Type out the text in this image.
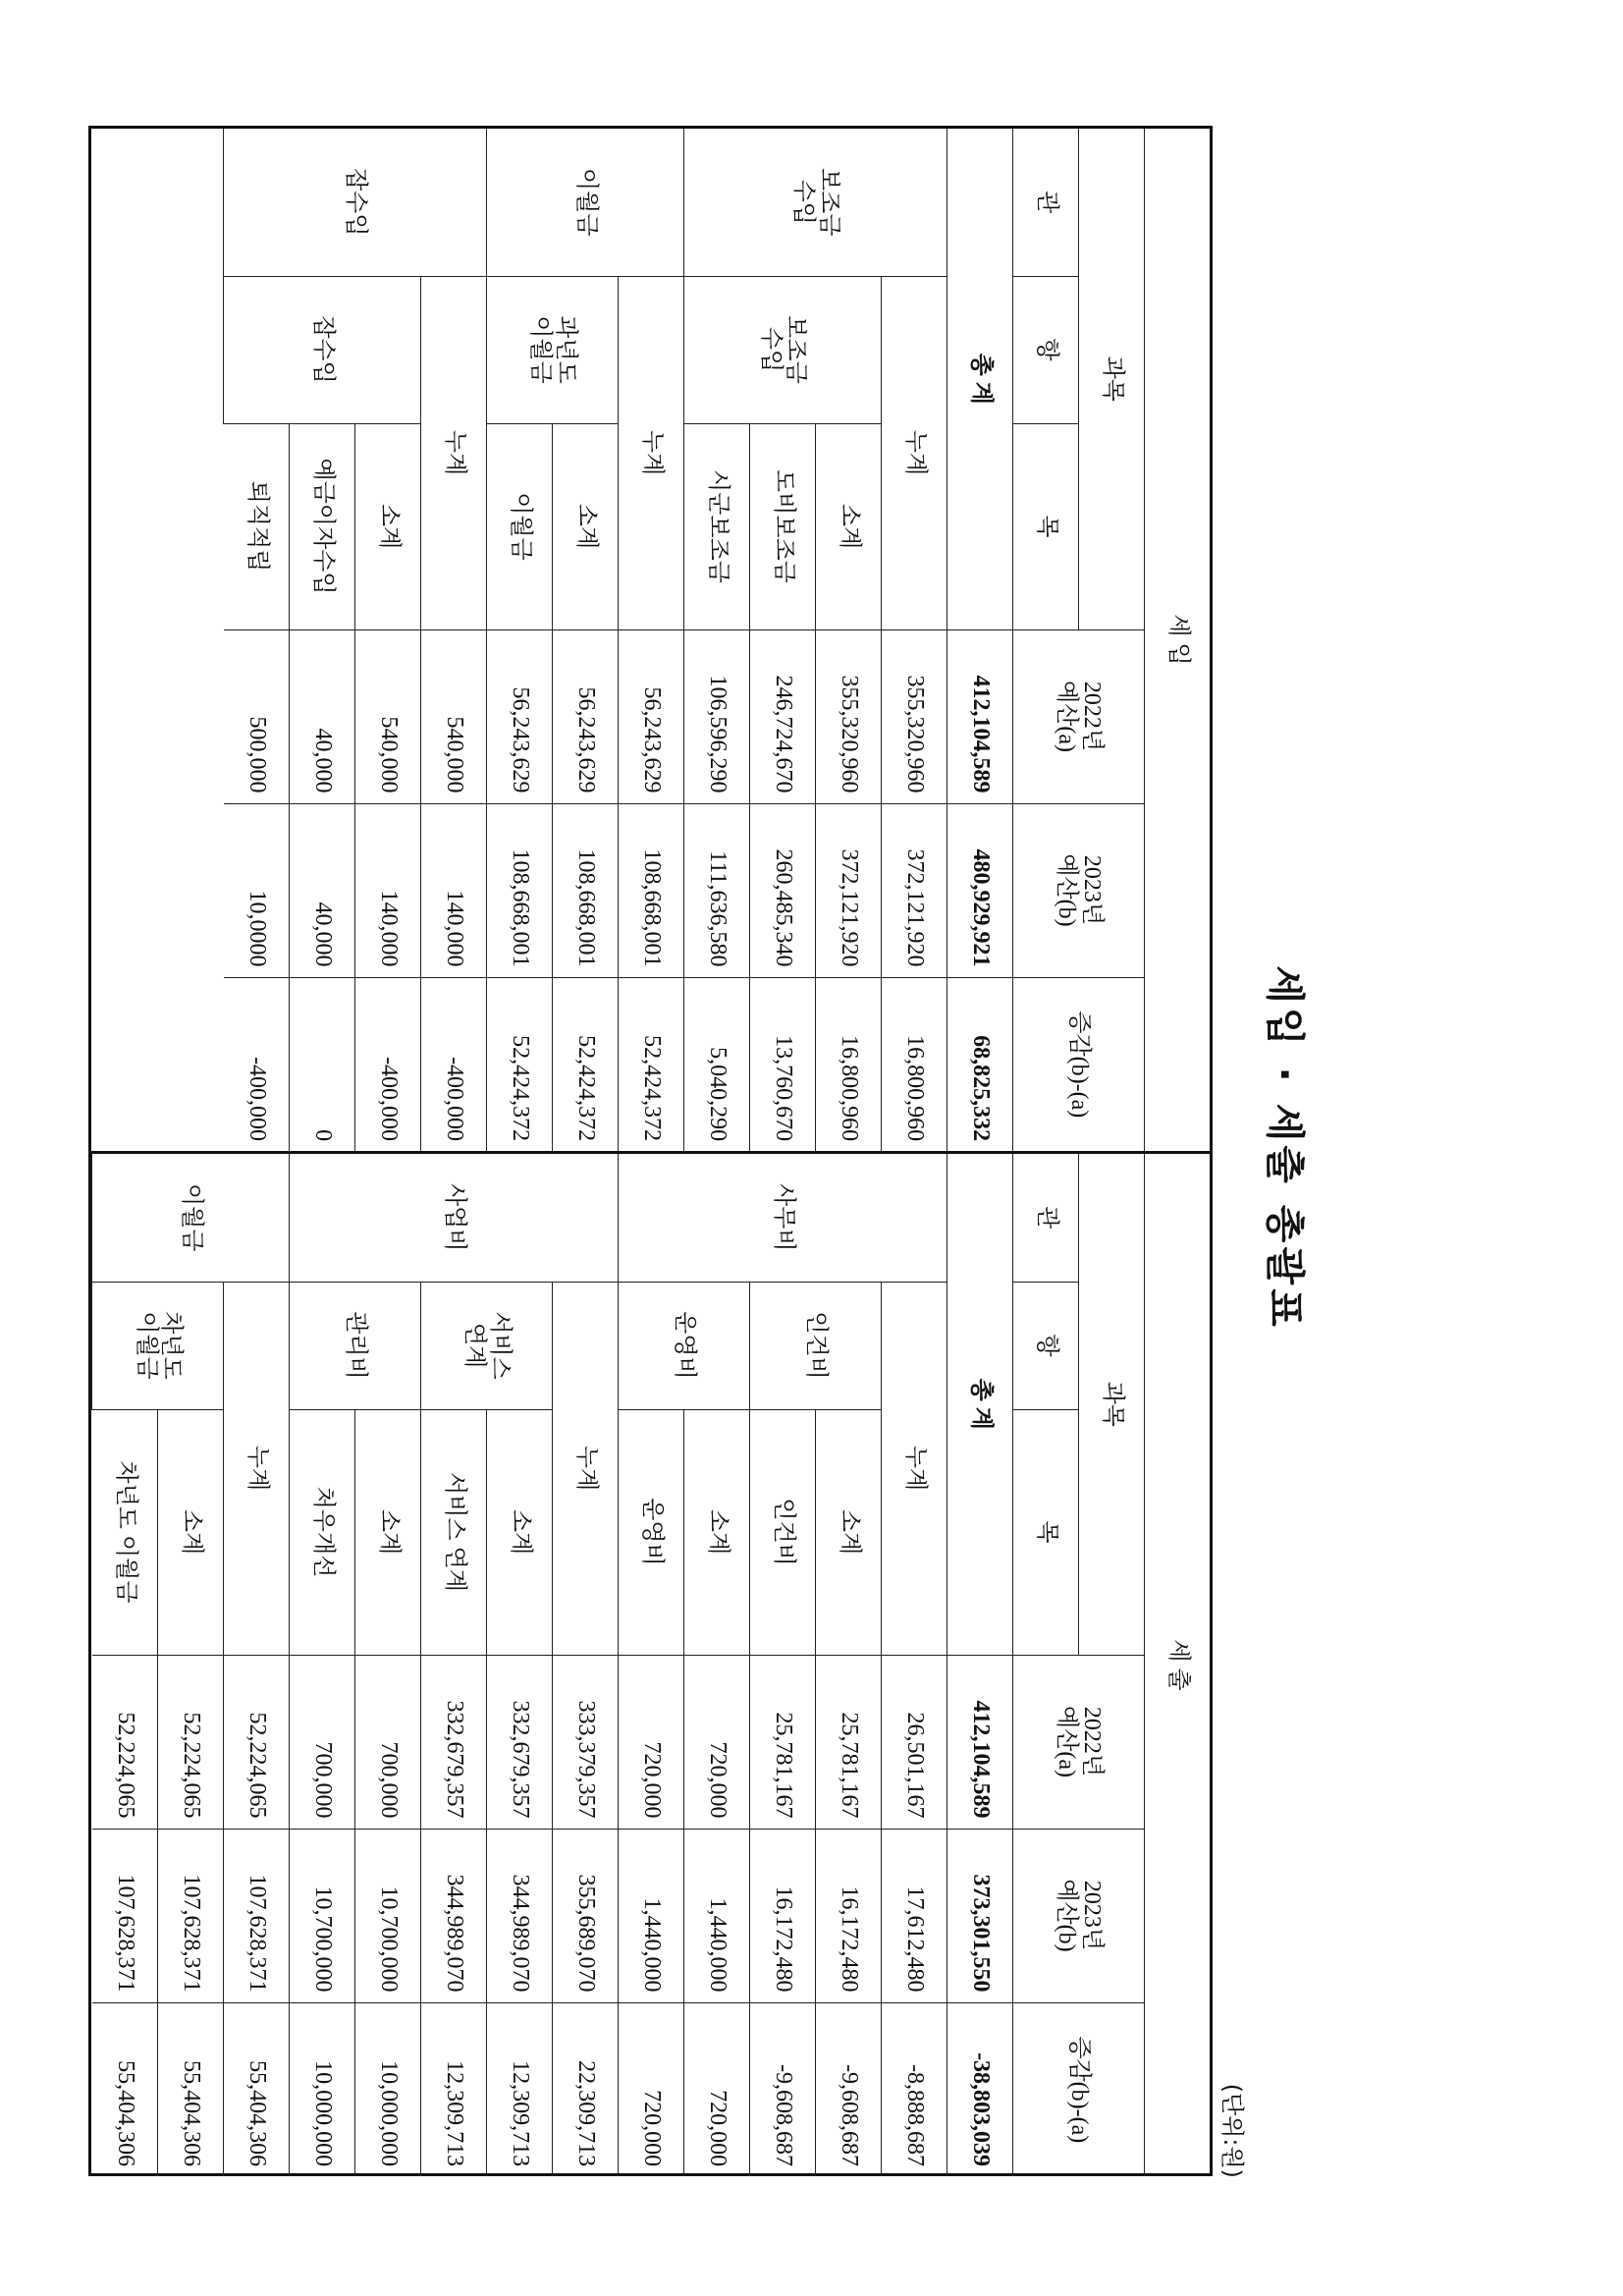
세입 · 세출 총괄표
(단위:원)
세 입					
과목			2022년
예산(a)	2023년
예산(b)	증감(b)-(a)
관	항	목			
총 계			412,104,589	480,929,921	68,825,332
보조금
수입	누계		355,320,960	372,121,920	16,800,960
	보조금
수입	소계	355,320,960	372,121,920	16,800,960
		도비보조금	246,724,670	260,485,340	13,760,670
		시군보조금	106,596,290	111,636,580	5,040,290
이월금	누계		56,243,629	108,668,001	52,424,372
	과년도
이월금	소계	56,243,629	108,668,001	52,424,372
		이월금	56,243,629	108,668,001	52,424,372
잡수입	누계		540,000	140,000	-400,000
	잡수입	소계	540,000	140,000	-400,000
		예금이자수입	40,000	40,000	0
		퇴직적립	500,000	10,0000	-400,000
세 출					
과목			2022년
예산(a)	2023년
예산(b)	증감(b)-(a)
관	항	목			
총 계			412,104,589	373,301,550	-38,803,039
사무비	누계		26,501,167	17,612,480	-8,888,687
	인건비	소계	25,781,167	16,172,480	-9,608,687
		인건비	25,781,167	16,172,480	-9,608,687
	운영비	소계	720,000	1,440,000	720,000
		운영비	720,000	1,440,000	720,000
사업비	누계		333,379,357	355,689,070	22,309,713
	서비스
연계	소계	332,679,357	344,989,070	12,309,713
		서비스 연계	332,679,357	344,989,070	12,309,713
	관리비	소계	700,000	10,700,000	10,000,000
		처우개선	700,000	10,700,000	10,000,000
이월금	누계		52,224,065	107,628,371	55,404,306
	차년도
이월금	소계	52,224,065	107,628,371	55,404,306
		차년도 이월금	52,224,065	107,628,371	55,404,306
